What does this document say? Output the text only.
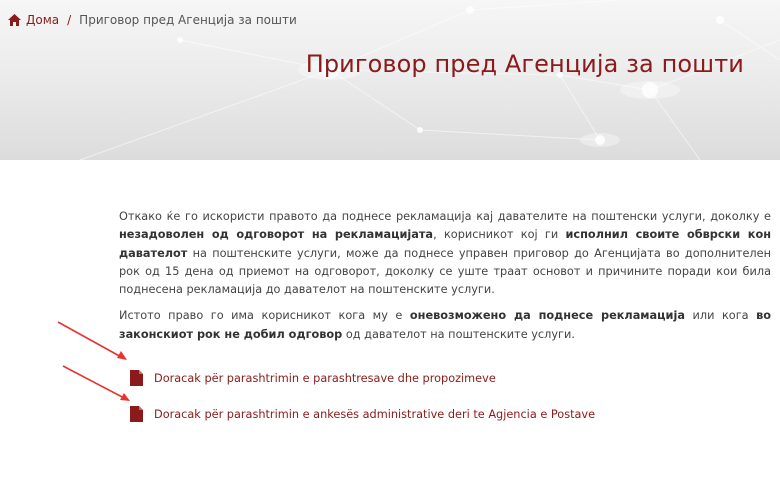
Дома / Приговор пред Агенција за пошти
Приговор пред Агенција за пошти

Откако ќе го искористи правото да поднесе рекламација кај давателите на поштенски услуги, доколку е незадоволен од одговорот на рекламацијата, корисникот кој ги исполнил своите обврски кон давателот на поштенските услуги, може да поднесе управен приговор до Агенцијата во дополнителен рок од 15 дена од приемот на одговорот, доколку се уште траат основот и причините поради кои била поднесена рекламација до давателот на поштенските услуги.

Истото право го има корисникот кога му е оневозможено да поднесе рекламација или кога во законскиот рок не добил одговор од давателот на поштенските услуги.

Doracak për parashtrimin e parashtresave dhe propozimeve
Doracak për parashtrimin e ankesës administrative deri te Agjencia e Postave
